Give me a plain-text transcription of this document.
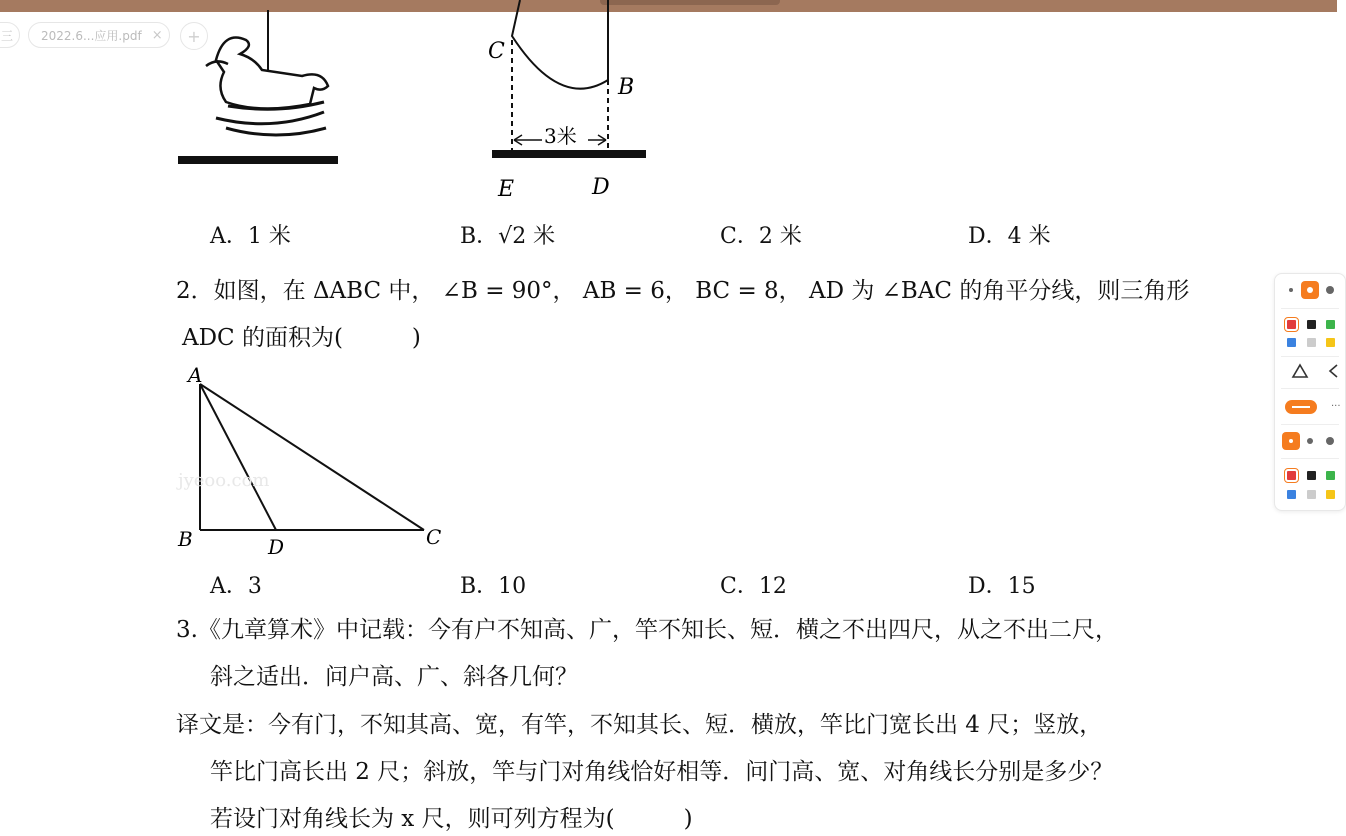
三 2022.6...应用.pdf × +
C
B
E	D
3米
A．1 米	B．√2 米	C．2 米	D．4 米
2．如图，在 ΔABC 中， ∠B = 90°， AB = 6， BC = 8， AD 为 ∠BAC 的角平分线，则三角形
ADC 的面积为(　　　)
A
B	C
D
jyeoo.com
A．3	B．10	C．12	D．15
3.《九章算术》中记载：今有户不知高、广，竿不知长、短．横之不出四尺，从之不出二尺，
斜之适出．问户高、广、斜各几何？
译文是：今有门，不知其高、宽，有竿，不知其长、短．横放，竿比门宽长出 4 尺；竖放，
竿比门高长出 2 尺；斜放，竿与门对角线恰好相等．问门高、宽、对角线长分别是多少？
若设门对角线长为 x 尺，则可列方程为(　　　)
...
